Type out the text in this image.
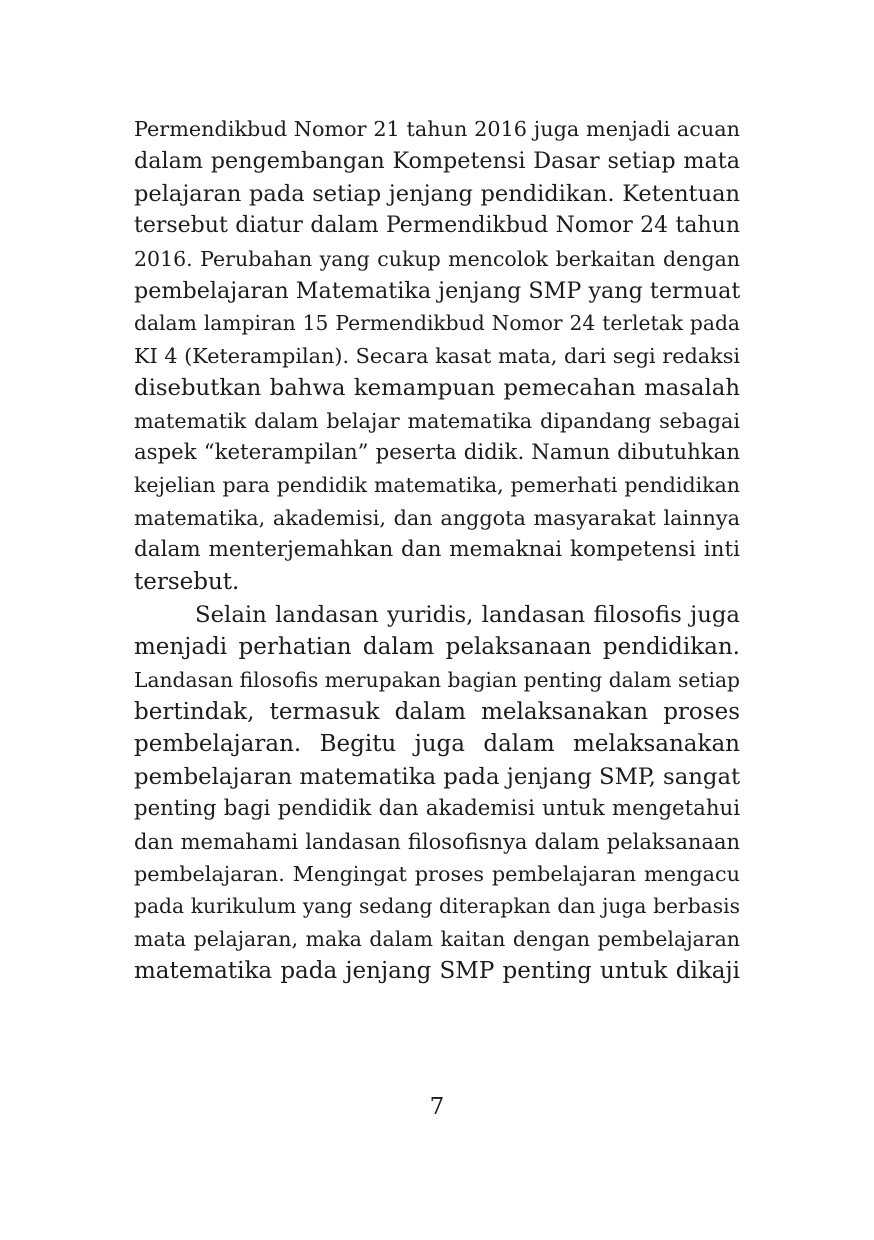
Permendikbud Nomor 21 tahun 2016 juga menjadi acuan
dalam pengembangan Kompetensi Dasar setiap mata
pelajaran pada setiap jenjang pendidikan. Ketentuan
tersebut diatur dalam Permendikbud Nomor 24 tahun
2016. Perubahan yang cukup mencolok berkaitan dengan
pembelajaran Matematika jenjang SMP yang termuat
dalam lampiran 15 Permendikbud Nomor 24 terletak pada
KI 4 (Keterampilan). Secara kasat mata, dari segi redaksi
disebutkan bahwa kemampuan pemecahan masalah
matematik dalam belajar matematika dipandang sebagai
aspek “keterampilan” peserta didik. Namun dibutuhkan
kejelian para pendidik matematika, pemerhati pendidikan
matematika, akademisi, dan anggota masyarakat lainnya
dalam menterjemahkan dan memaknai kompetensi inti
tersebut.
Selain landasan yuridis, landasan filosofis juga
menjadi perhatian dalam pelaksanaan pendidikan.
Landasan filosofis merupakan bagian penting dalam setiap
bertindak, termasuk dalam melaksanakan proses
pembelajaran. Begitu juga dalam melaksanakan
pembelajaran matematika pada jenjang SMP, sangat
penting bagi pendidik dan akademisi untuk mengetahui
dan memahami landasan filosofisnya dalam pelaksanaan
pembelajaran. Mengingat proses pembelajaran mengacu
pada kurikulum yang sedang diterapkan dan juga berbasis
mata pelajaran, maka dalam kaitan dengan pembelajaran
matematika pada jenjang SMP penting untuk dikaji
7
